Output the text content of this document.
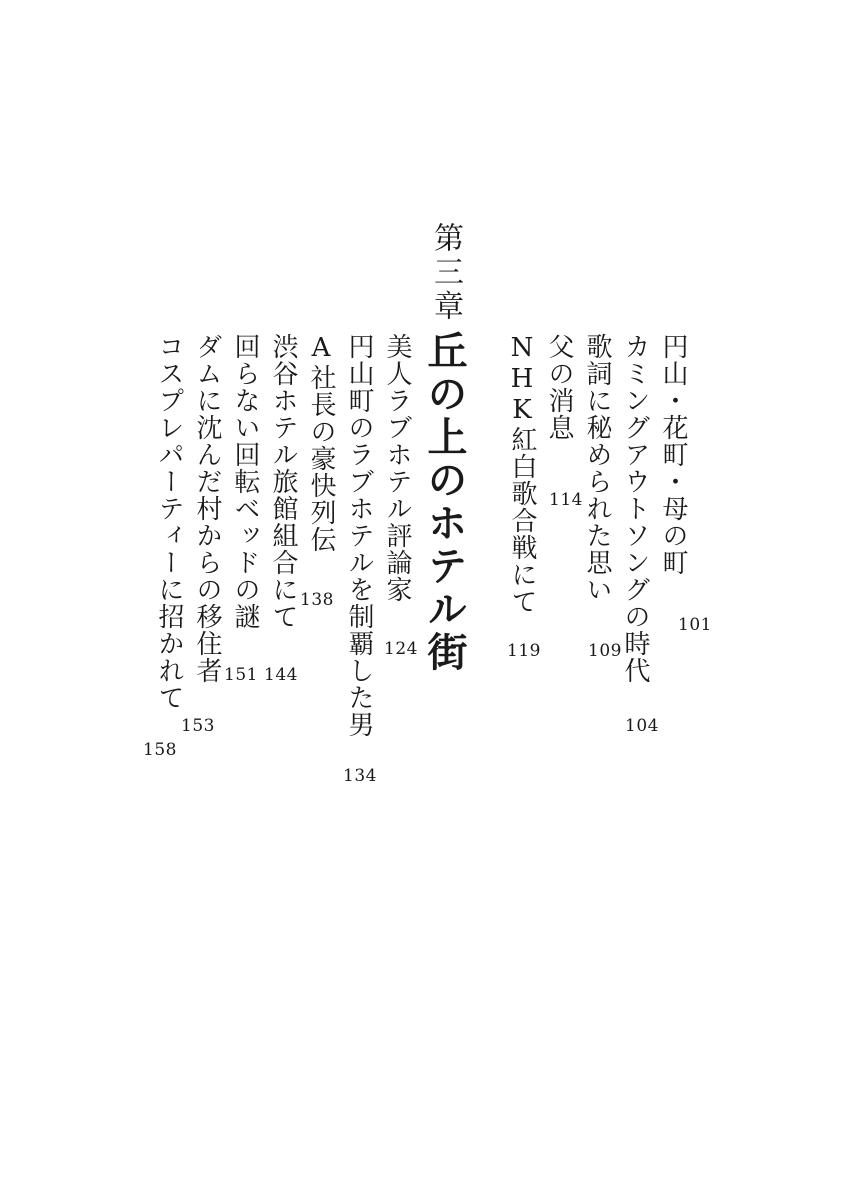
円山・花町・母の町
101
カミングアウトソングの時代
104
歌詞に秘められた思い
109
父の消息
114
NHK紅白歌合戦にて
119
第三章
丘の上のホテル街
美人ラブホテル評論家
124
円山町のラブホテルを制覇した男
134
A社長の豪快列伝
138
渋谷ホテル旅館組合にて
144
回らない回転ベッドの謎
151
ダムに沈んだ村からの移住者
153
コスプレパーティーに招かれて
158
